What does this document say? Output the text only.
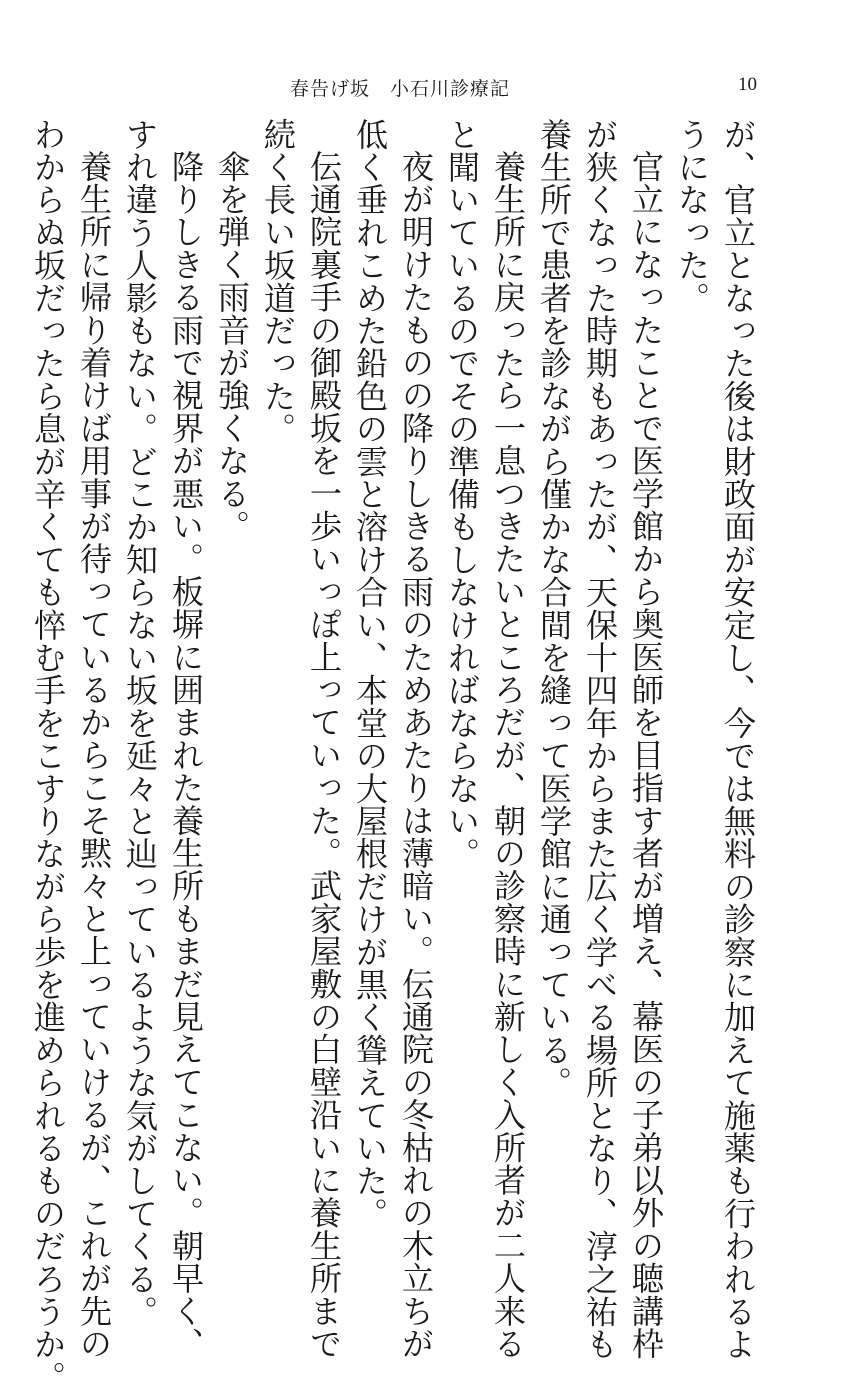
春告げ坂　小石川診療記	10

が、官立となった後は財政面が安定し、今では無料の診察に加えて施薬も行われるよ

うになった。

官立になったことで医学館から奥医師を目指す者が増え、幕医の子弟以外の聴講枠

が狭くなった時期もあったが、天保十四年からまた広く学べる場所となり、淳之祐も

養生所で患者を診ながら僅かな合間を縫って医学館に通っている。

養生所に戻ったら一息つきたいところだが、朝の診察時に新しく入所者が二人来る

と聞いているのでその準備もしなければならない。

夜が明けたものの降りしきる雨のためあたりは薄暗い。伝通院の冬枯れの木立ちが

低く垂れこめた鉛色の雲と溶け合い、本堂の大屋根だけが黒く聳えていた。

伝通院裏手の御殿坂を一歩いっぽ上っていった。武家屋敷の白壁沿いに養生所まで

続く長い坂道だった。

傘を弾く雨音が強くなる。

降りしきる雨で視界が悪い。板塀に囲まれた養生所もまだ見えてこない。朝早く、

すれ違う人影もない。どこか知らない坂を延々と辿っているような気がしてくる。

養生所に帰り着けば用事が待っているからこそ黙々と上っていけるが、これが先の

わからぬ坂だったら息が辛くても悴む手をこすりながら歩を進められるものだろうか。
